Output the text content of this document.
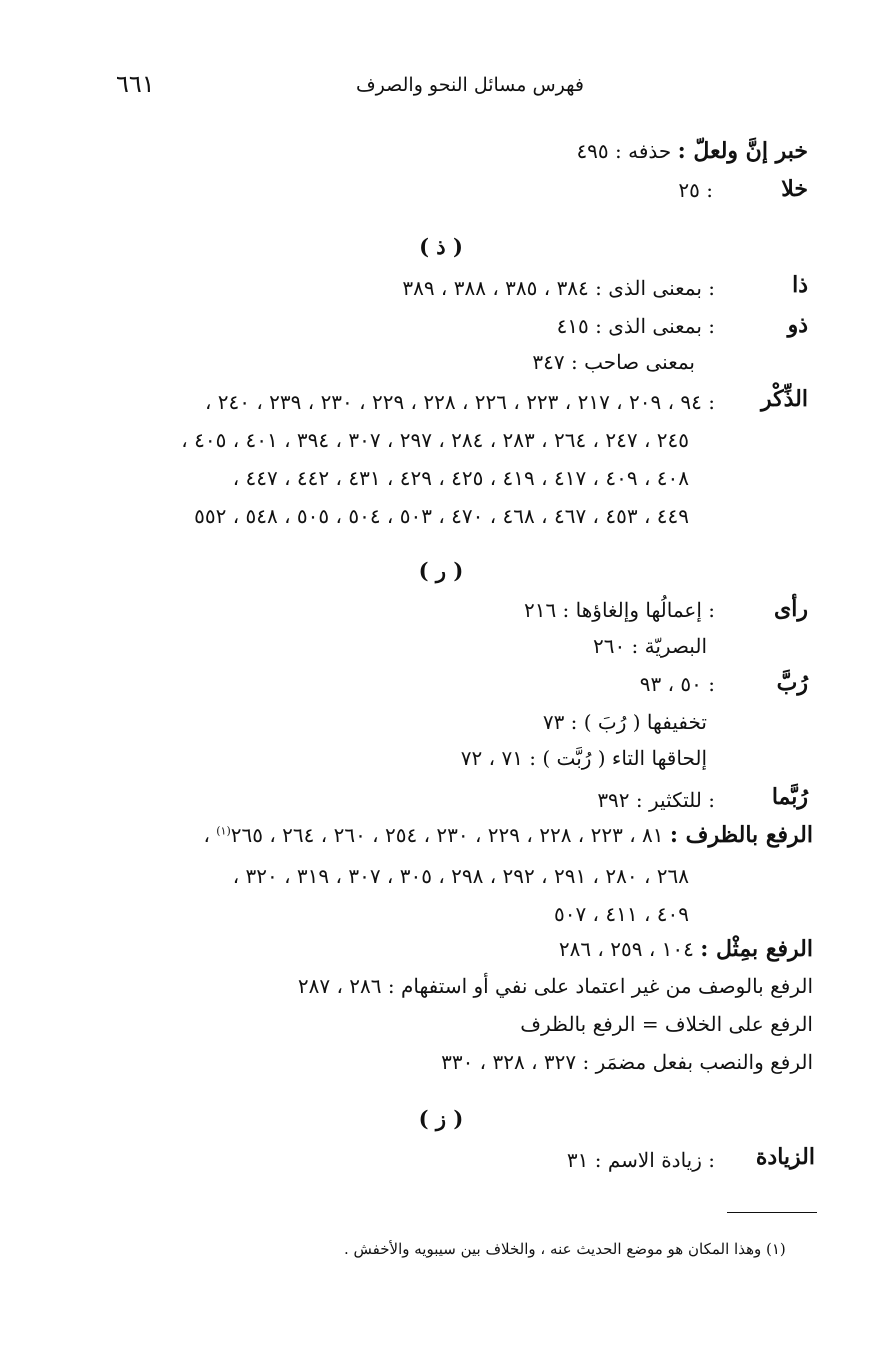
٦٦١	فهرس مسائل النحو والصرف
خبر إنَّ ولعلّ : حذفه : ٤٩٥
خلا
: ٢٥
( ذ )
ذا
: بمعنى الذى : ٣٨٤ ، ٣٨٥ ، ٣٨٨ ، ٣٨٩
ذو
: بمعنى الذى : ٤١٥
بمعنى صاحب : ٣٤٧
الذِّكْر
: ٩٤ ، ٢٠٩ ، ٢١٧ ، ٢٢٣ ، ٢٢٦ ، ٢٢٨ ، ٢٢٩ ، ٢٣٠ ، ٢٣٩ ، ٢٤٠ ،
٢٤٥ ، ٢٤٧ ، ٢٦٤ ، ٢٨٣ ، ٢٨٤ ، ٢٩٧ ، ٣٠٧ ، ٣٩٤ ، ٤٠١ ، ٤٠٥ ،
٤٠٨ ، ٤٠٩ ، ٤١٧ ، ٤١٩ ، ٤٢٥ ، ٤٢٩ ، ٤٣١ ، ٤٤٢ ، ٤٤٧ ،
٤٤٩ ، ٤٥٣ ، ٤٦٧ ، ٤٦٨ ، ٤٧٠ ، ٥٠٣ ، ٥٠٤ ، ٥٠٥ ، ٥٤٨ ، ٥٥٢
( ر )
رأى
: إعمالُها وإلغاؤها : ٢١٦
البصريّة : ٢٦٠
رُبَّ
: ٥٠ ، ٩٣
تخفيفها ( رُبَ ) : ٧٣
إلحاقها التاء ( رُبَّت ) : ٧١ ، ٧٢
رُبَّما
: للتكثير : ٣٩٢
الرفع بالظرف : ٨١ ، ٢٢٣ ، ٢٢٨ ، ٢٢٩ ، ٢٣٠ ، ٢٥٤ ، ٢٦٠ ، ٢٦٤ ، ٢٦٥$^{(١)}$ ،
٢٦٨ ، ٢٨٠ ، ٢٩١ ، ٢٩٢ ، ٢٩٨ ، ٣٠٥ ، ٣٠٧ ، ٣١٩ ، ٣٢٠ ،
٤٠٩ ، ٤١١ ، ٥٠٧
الرفع بمِثْل : ١٠٤ ، ٢٥٩ ، ٢٨٦
الرفع بالوصف من غير اعتماد على نفي أو استفهام : ٢٨٦ ، ٢٨٧
الرفع على الخلاف = الرفع بالظرف
الرفع والنصب بفعل مضمَر : ٣٢٧ ، ٣٢٨ ، ٣٣٠
( ز )
الزيادة
: زيادة الاسم : ٣١
(١) وهذا المكان هو موضع الحديث عنه ، والخلاف بين سيبويه والأخفش .
